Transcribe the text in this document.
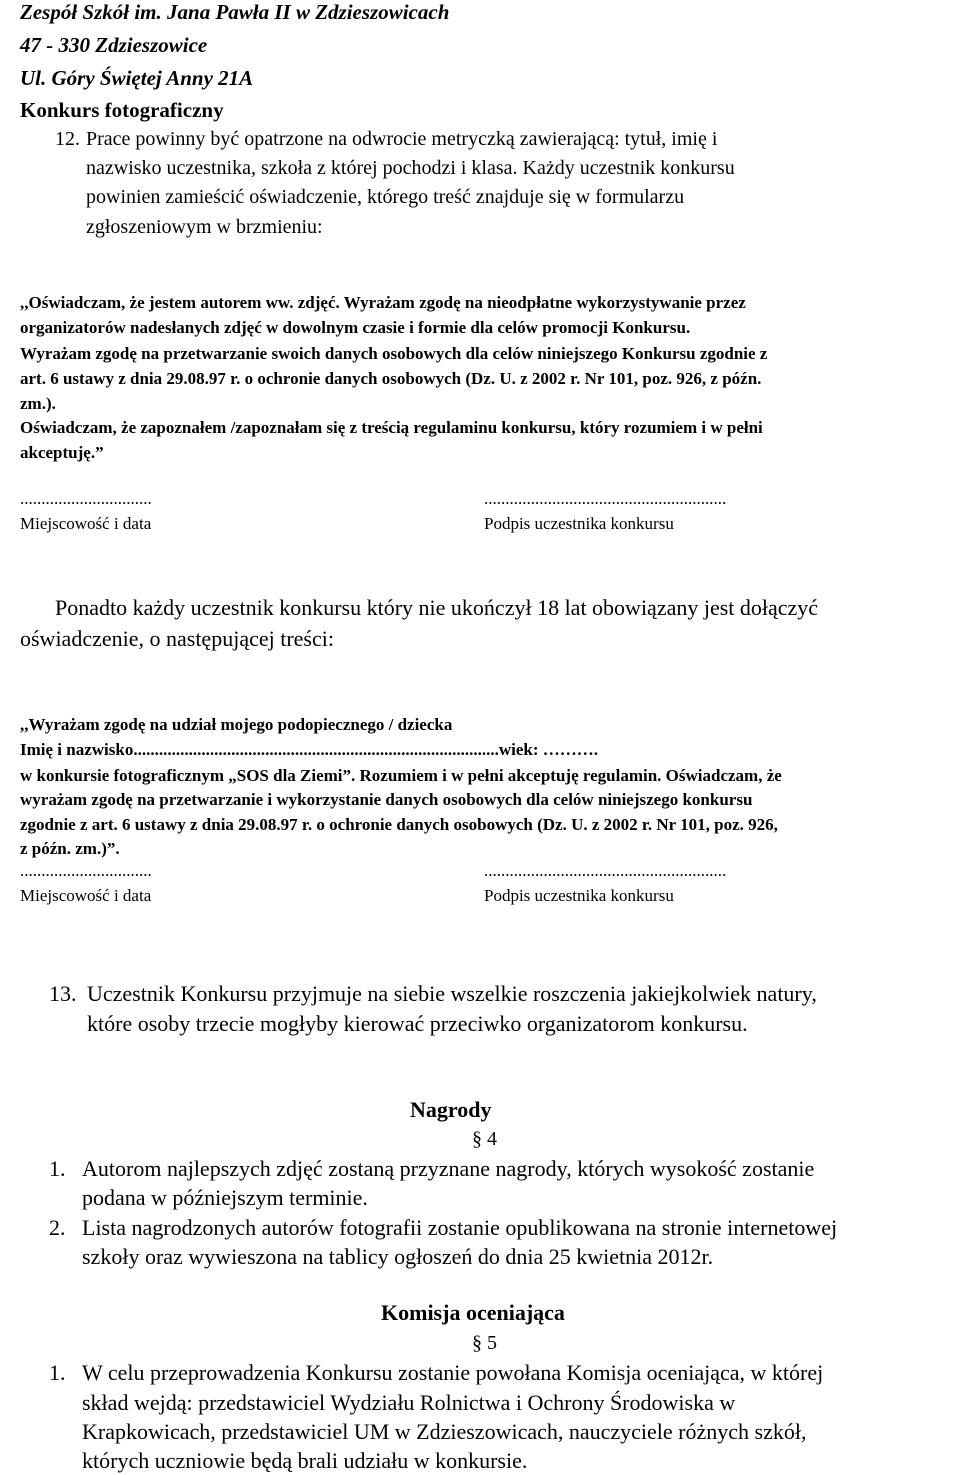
Zespół Szkół im. Jana Pawła II w Zdzieszowicach
47 - 330 Zdzieszowice
Ul. Góry Świętej Anny 21A
Konkurs fotograficzny
12. Prace powinny być opatrzone na odwrocie metryczką zawierającą: tytuł, imię i
nazwisko uczestnika, szkoła z której pochodzi i klasa. Każdy uczestnik konkursu
powinien zamieścić oświadczenie, którego treść znajduje się w formularzu
zgłoszeniowym w brzmieniu:
,,Oświadczam, że jestem autorem ww. zdjęć. Wyrażam zgodę na nieodpłatne wykorzystywanie przez
organizatorów nadesłanych zdjęć w dowolnym czasie i formie dla celów promocji Konkursu.
Wyrażam zgodę na przetwarzanie swoich danych osobowych dla celów niniejszego Konkursu zgodnie z
art. 6 ustawy z dnia 29.08.97 r. o ochronie danych osobowych (Dz. U. z 2002 r. Nr 101, poz. 926, z późn.
zm.).
Oświadczam, że zapoznałem /zapoznałam się z treścią regulaminu konkursu, który rozumiem i w pełni
akceptuję.”
...............................	.........................................................
Miejscowość i data	Podpis uczestnika konkursu
Ponadto każdy uczestnik konkursu który nie ukończył 18 lat obowiązany jest dołączyć
oświadczenie, o następującej treści:
,,Wyrażam zgodę na udział mojego podopiecznego / dziecka
Imię i nazwisko......................................................................................wiek: ……….
w konkursie fotograficznym „SOS dla Ziemi”. Rozumiem i w pełni akceptuję regulamin. Oświadczam, że
wyrażam zgodę na przetwarzanie i wykorzystanie danych osobowych dla celów niniejszego konkursu
zgodnie z art. 6 ustawy z dnia 29.08.97 r. o ochronie danych osobowych (Dz. U. z 2002 r. Nr 101, poz. 926,
z późn. zm.)”.
...............................	.........................................................
Miejscowość i data	Podpis uczestnika konkursu
13. Uczestnik Konkursu przyjmuje na siebie wszelkie roszczenia jakiejkolwiek natury,
które osoby trzecie mogłyby kierować przeciwko organizatorom konkursu.
Nagrody
§ 4
1. Autorom najlepszych zdjęć zostaną przyznane nagrody, których wysokość zostanie
podana w późniejszym terminie.
2. Lista nagrodzonych autorów fotografii zostanie opublikowana na stronie internetowej
szkoły oraz wywieszona na tablicy ogłoszeń do dnia 25 kwietnia 2012r.
Komisja oceniająca
§ 5
1. W celu przeprowadzenia Konkursu zostanie powołana Komisja oceniająca, w której
skład wejdą: przedstawiciel Wydziału Rolnictwa i Ochrony Środowiska w
Krapkowicach, przedstawiciel UM w Zdzieszowicach, nauczyciele różnych szkół,
których uczniowie będą brali udziału w konkursie.
